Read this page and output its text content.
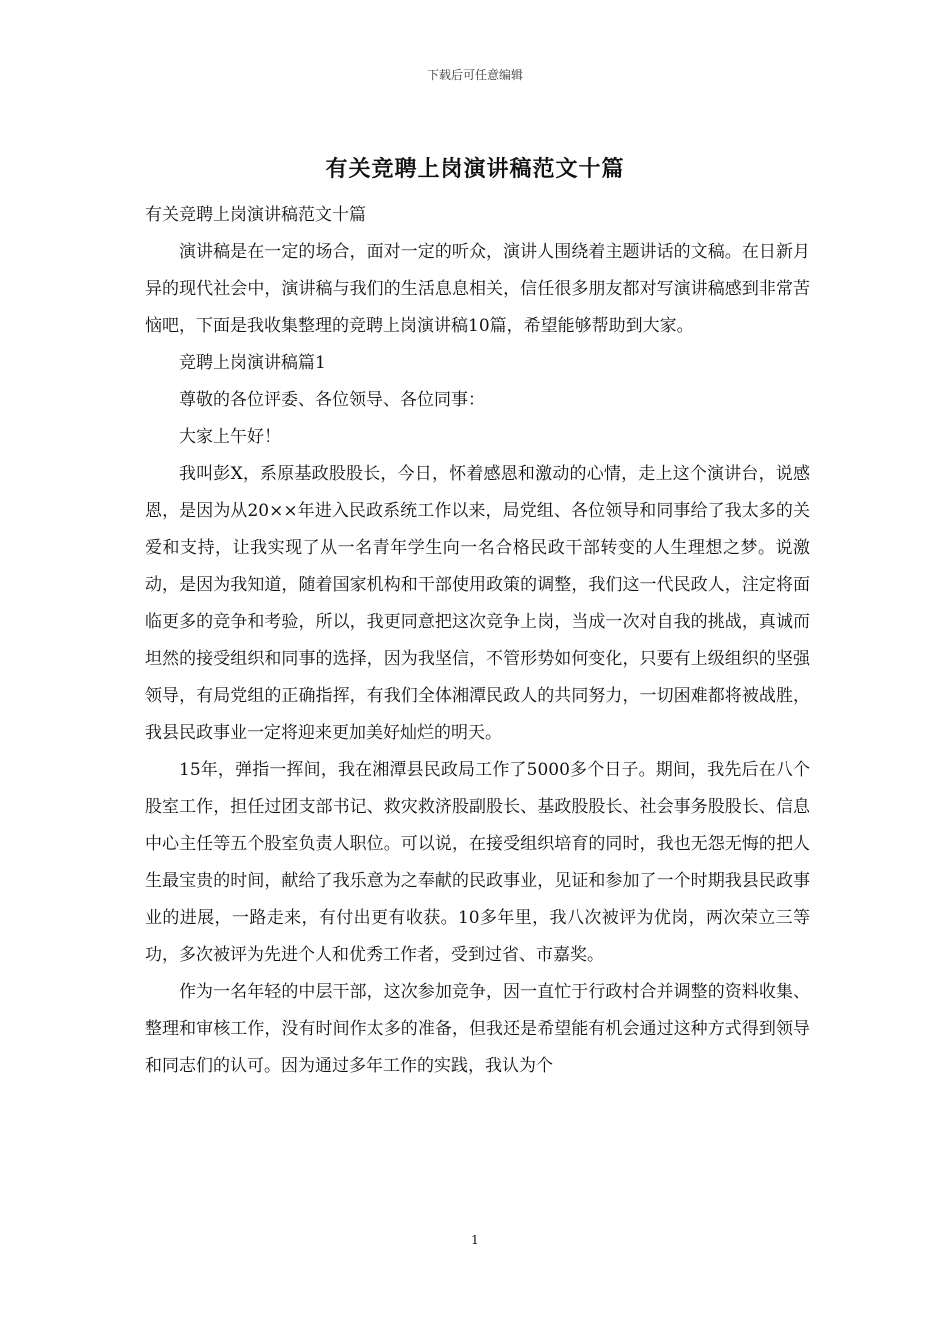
下载后可任意编辑
有关竞聘上岗演讲稿范文十篇

有关竞聘上岗演讲稿范文十篇

演讲稿是在一定的场合，面对一定的听众，演讲人围绕着主题讲话的文稿。在日新月异的现代社会中，演讲稿与我们的生活息息相关，信任很多朋友都对写演讲稿感到非常苦恼吧，下面是我收集整理的竞聘上岗演讲稿10篇，希望能够帮助到大家。

竞聘上岗演讲稿篇1

尊敬的各位评委、各位领导、各位同事：

大家上午好！

我叫彭X，系原基政股股长，今日，怀着感恩和激动的心情，走上这个演讲台，说感恩，是因为从20××年进入民政系统工作以来，局党组、各位领导和同事给了我太多的关爱和支持，让我实现了从一名青年学生向一名合格民政干部转变的人生理想之梦。说激动，是因为我知道，随着国家机构和干部使用政策的调整，我们这一代民政人，注定将面临更多的竞争和考验，所以，我更同意把这次竞争上岗，当成一次对自我的挑战，真诚而坦然的接受组织和同事的选择，因为我坚信，不管形势如何变化，只要有上级组织的坚强领导，有局党组的正确指挥，有我们全体湘潭民政人的共同努力，一切困难都将被战胜，我县民政事业一定将迎来更加美好灿烂的明天。

15年，弹指一挥间，我在湘潭县民政局工作了5000多个日子。期间，我先后在八个股室工作，担任过团支部书记、救灾救济股副股长、基政股股长、社会事务股股长、信息中心主任等五个股室负责人职位。可以说，在接受组织培育的同时，我也无怨无悔的把人生最宝贵的时间，献给了我乐意为之奉献的民政事业，见证和参加了一个时期我县民政事业的进展，一路走来，有付出更有收获。10多年里，我八次被评为优岗，两次荣立三等功，多次被评为先进个人和优秀工作者，受到过省、市嘉奖。

作为一名年轻的中层干部，这次参加竞争，因一直忙于行政村合并调整的资料收集、整理和审核工作，没有时间作太多的准备，但我还是希望能有机会通过这种方式得到领导和同志们的认可。因为通过多年工作的实践，我认为个

1
